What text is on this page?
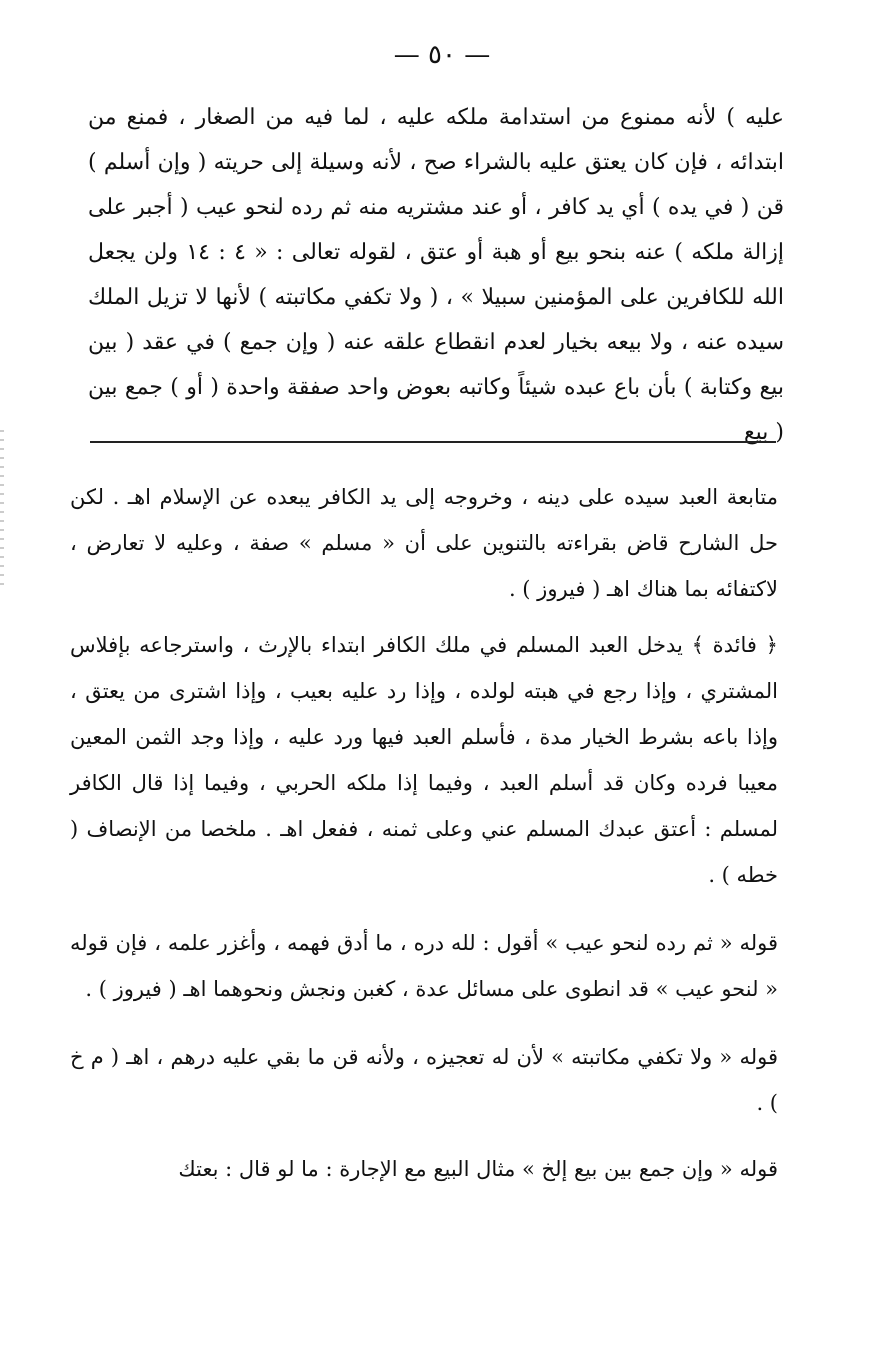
— ٥٠ —
عليه ) لأنه ممنوع من استدامة ملكه عليه ، لما فيه من الصغار ، فمنع من ابتدائه ، فإن كان يعتق عليه بالشراء صح ، لأنه وسيلة إلى حريته ( وإن أسلم ) قن ( في يده ) أي يد كافر ، أو عند مشتريه منه ثم رده لنحو عيب ( أجبر على إزالة ملكه ) عنه بنحو بيع أو هبة أو عتق ، لقوله تعالى : « ٤ : ١٤ ولن يجعل الله للكافرين على المؤمنين سبيلا » ، ( ولا تكفي مكاتبته ) لأنها لا تزيل الملك سيده عنه ، ولا بيعه بخيار لعدم انقطاع علقه عنه ( وإن جمع ) في عقد ( بين بيع وكتابة ) بأن باع عبده شيئاً وكاتبه بعوض واحد صفقة واحدة ( أو ) جمع بين ( بيع

متابعة العبد سيده على دينه ، وخروجه إلى يد الكافر يبعده عن الإسلام اهـ . لكن حل الشارح قاض بقراءته بالتنوين على أن « مسلم » صفة ، وعليه لا تعارض ، لاكتفائه بما هناك اهـ ( فيروز ) .

﴿ فائدة ﴾ يدخل العبد المسلم في ملك الكافر ابتداء بالإرث ، واسترجاعه بإفلاس المشتري ، وإذا رجع في هبته لولده ، وإذا رد عليه بعيب ، وإذا اشترى من يعتق ، وإذا باعه بشرط الخيار مدة ، فأسلم العبد فيها ورد عليه ، وإذا وجد الثمن المعين معيبا فرده وكان قد أسلم العبد ، وفيما إذا ملكه الحربي ، وفيما إذا قال الكافر لمسلم : أعتق عبدك المسلم عني وعلى ثمنه ، ففعل اهـ . ملخصا من الإنصاف ( خطه ) .

قوله « ثم رده لنحو عيب » أقول : لله دره ، ما أدق فهمه ، وأغزر علمه ، فإن قوله « لنحو عيب » قد انطوى على مسائل عدة ، كغبن ونجش ونحوهما اهـ ( فيروز ) .

قوله « ولا تكفي مكاتبته » لأن له تعجيزه ، ولأنه قن ما بقي عليه درهم ، اهـ ( م خ ) .

قوله « وإن جمع بين بيع إلخ » مثال البيع مع الإجارة : ما لو قال : بعتك
